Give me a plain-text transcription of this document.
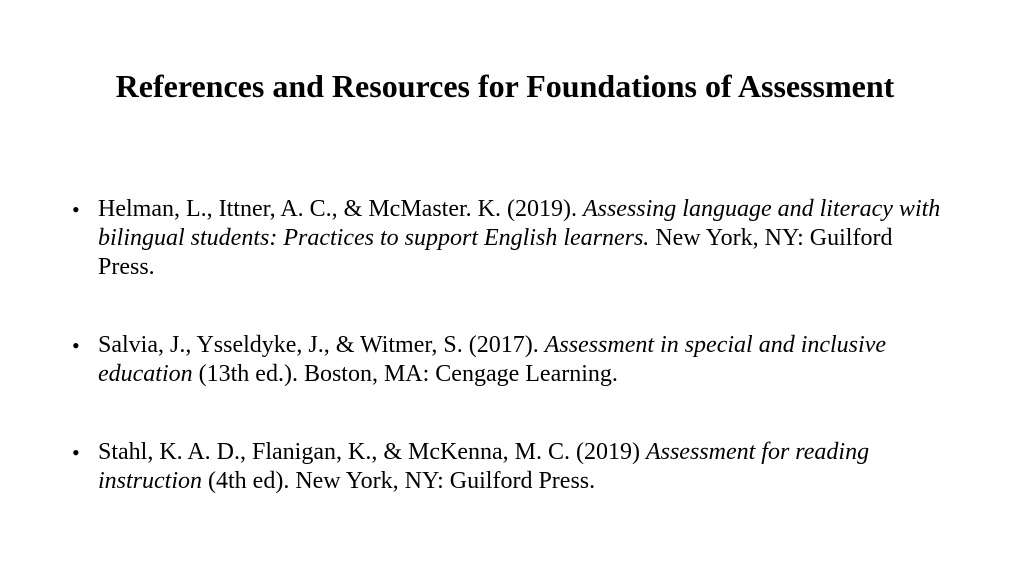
References and Resources for Foundations of Assessment
• Helman, L., Ittner, A. C., & McMaster. K. (2019). Assessing language and literacy with bilingual students: Practices to support English learners. New York, NY: Guilford Press.
• Salvia, J., Ysseldyke, J., & Witmer, S. (2017). Assessment in special and inclusive education (13th ed.). Boston, MA: Cengage Learning.
• Stahl, K. A. D., Flanigan, K., & McKenna, M. C. (2019) Assessment for reading instruction (4th ed). New York, NY: Guilford Press.
